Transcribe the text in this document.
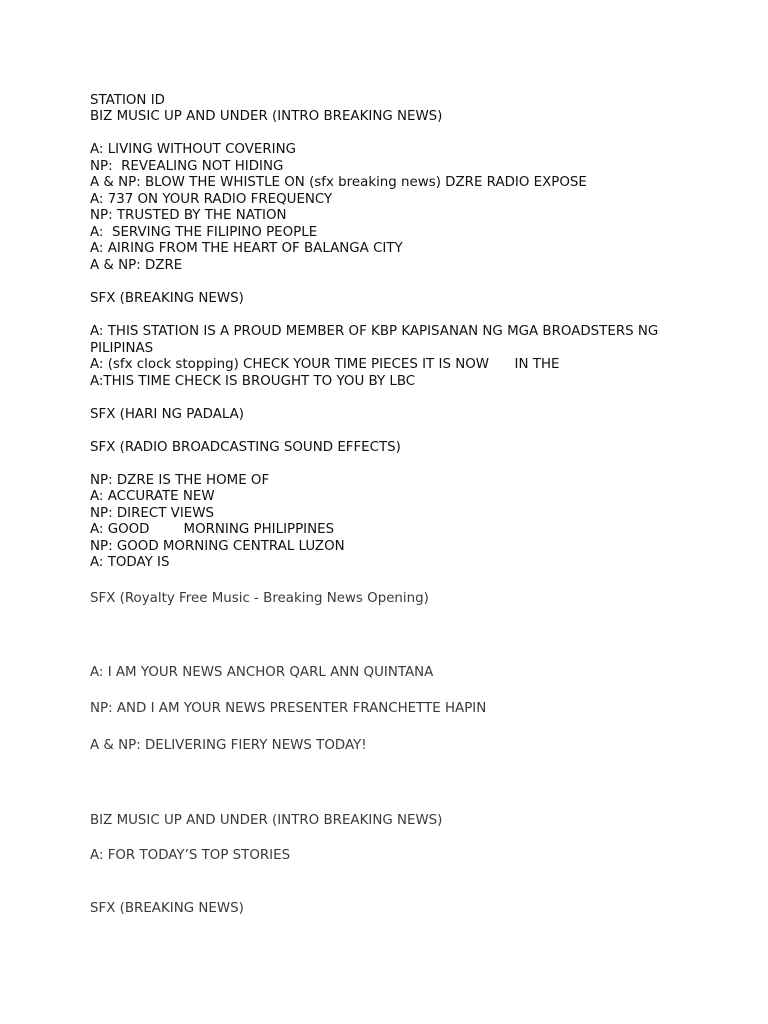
STATION ID
BIZ MUSIC UP AND UNDER (INTRO BREAKING NEWS)
A: LIVING WITHOUT COVERING
NP:  REVEALING NOT HIDING
A & NP: BLOW THE WHISTLE ON (sfx breaking news) DZRE RADIO EXPOSE
A: 737 ON YOUR RADIO FREQUENCY
NP: TRUSTED BY THE NATION
A:  SERVING THE FILIPINO PEOPLE
A: AIRING FROM THE HEART OF BALANGA CITY
A & NP: DZRE
SFX (BREAKING NEWS)
A: THIS STATION IS A PROUD MEMBER OF KBP KAPISANAN NG MGA BROADSTERS NG
PILIPINAS
A: (sfx clock stopping) CHECK YOUR TIME PIECES IT IS NOW      IN THE
A:THIS TIME CHECK IS BROUGHT TO YOU BY LBC
SFX (HARI NG PADALA)
SFX (RADIO BROADCASTING SOUND EFFECTS)
NP: DZRE IS THE HOME OF
A: ACCURATE NEW
NP: DIRECT VIEWS
A: GOOD        MORNING PHILIPPINES
NP: GOOD MORNING CENTRAL LUZON
A: TODAY IS
SFX (Royalty Free Music - Breaking News Opening)
A: I AM YOUR NEWS ANCHOR QARL ANN QUINTANA
NP: AND I AM YOUR NEWS PRESENTER FRANCHETTE HAPIN
A & NP: DELIVERING FIERY NEWS TODAY!
BIZ MUSIC UP AND UNDER (INTRO BREAKING NEWS)
A: FOR TODAY’S TOP STORIES
SFX (BREAKING NEWS)
